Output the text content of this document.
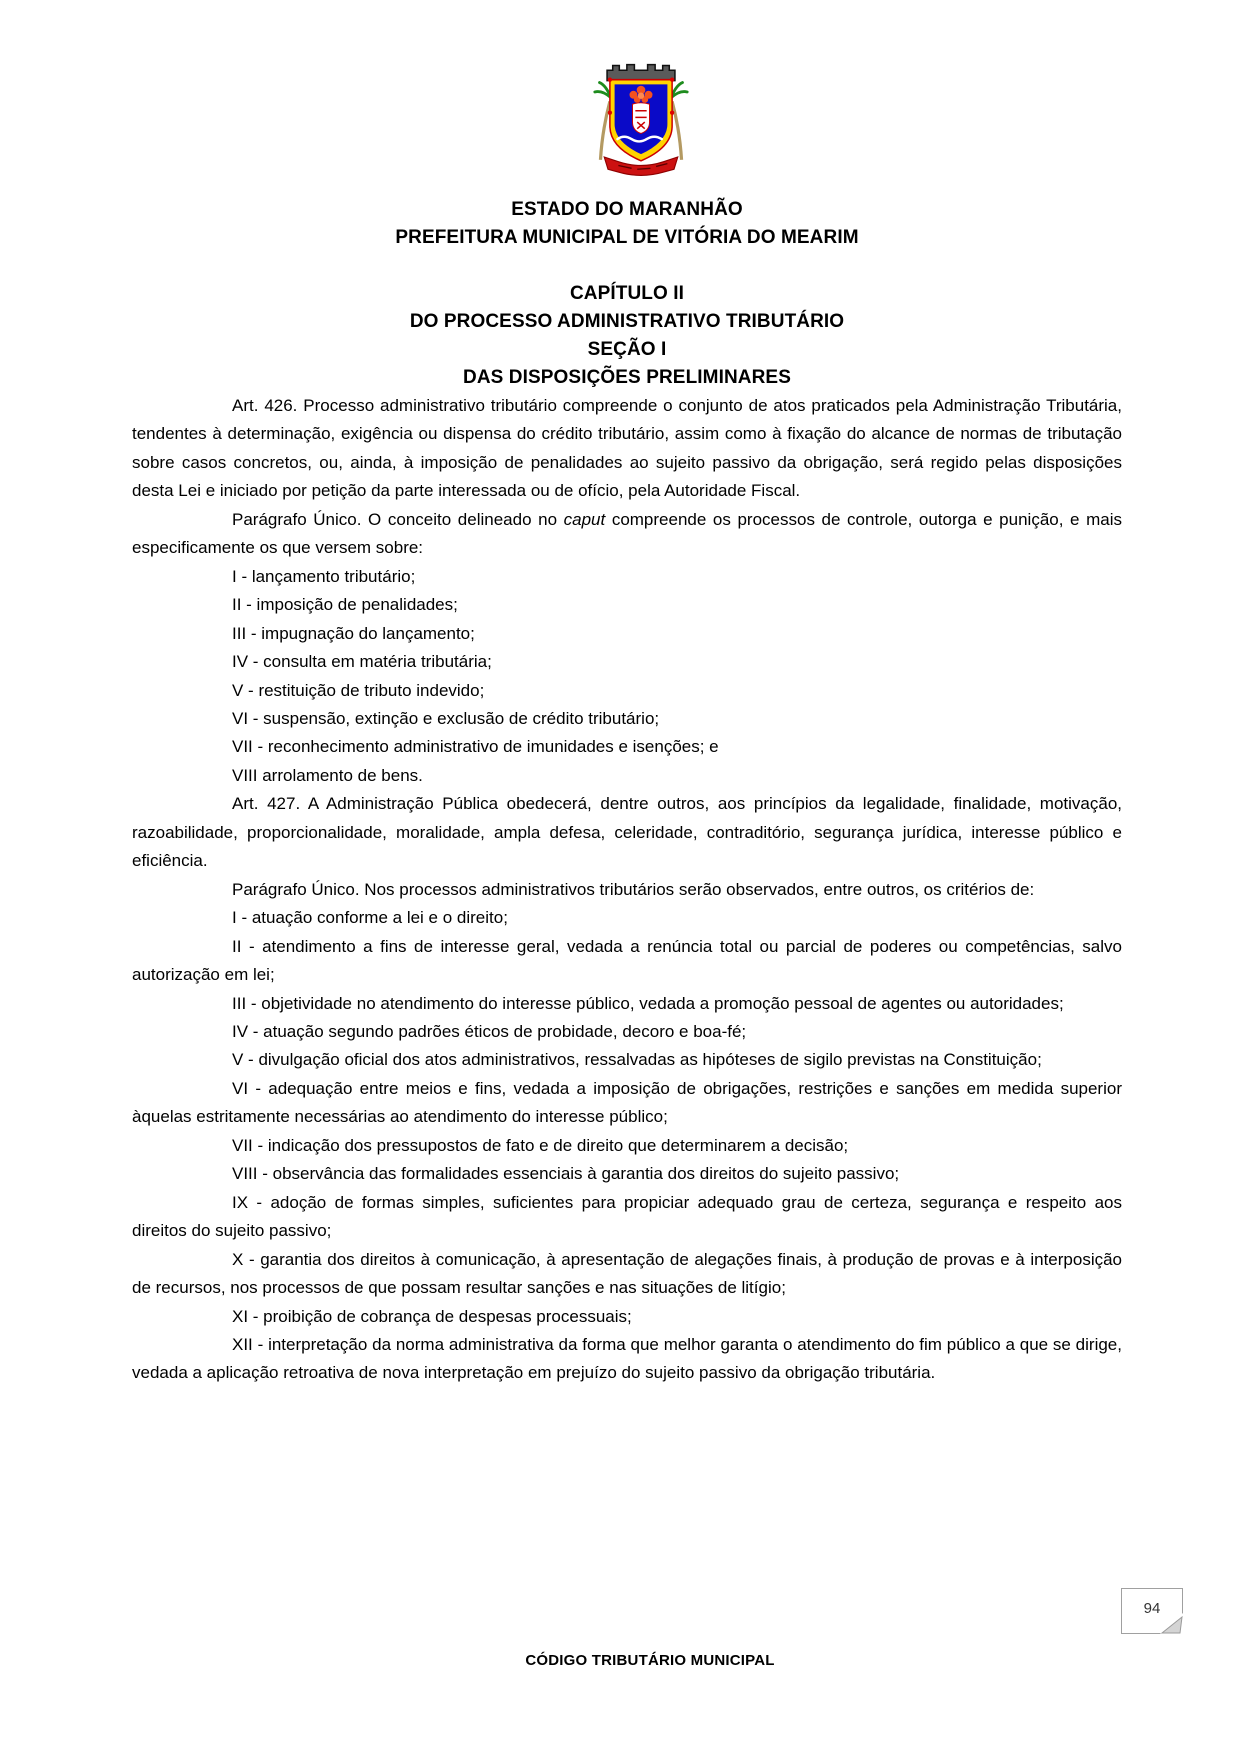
ESTADO DO MARANHÃO
PREFEITURA MUNICIPAL DE VITÓRIA DO MEARIM
CAPÍTULO II
DO PROCESSO ADMINISTRATIVO TRIBUTÁRIO
SEÇÃO I
DAS DISPOSIÇÕES PRELIMINARES

Art. 426. Processo administrativo tributário compreende o conjunto de atos praticados pela Administração Tributária, tendentes à determinação, exigência ou dispensa do crédito tributário, assim como à fixação do alcance de normas de tributação sobre casos concretos, ou, ainda, à imposição de penalidades ao sujeito passivo da obrigação, será regido pelas disposições desta Lei e iniciado por petição da parte interessada ou de ofício, pela Autoridade Fiscal.

Parágrafo Único. O conceito delineado no caput compreende os processos de controle, outorga e punição, e mais especificamente os que versem sobre:

I - lançamento tributário;

II - imposição de penalidades;

III - impugnação do lançamento;

IV - consulta em matéria tributária;

V - restituição de tributo indevido;

VI - suspensão, extinção e exclusão de crédito tributário;

VII - reconhecimento administrativo de imunidades e isenções; e

VIII arrolamento de bens.

Art. 427. A Administração Pública obedecerá, dentre outros, aos princípios da legalidade, finalidade, motivação, razoabilidade, proporcionalidade, moralidade, ampla defesa, celeridade, contraditório, segurança jurídica, interesse público e eficiência.

Parágrafo Único. Nos processos administrativos tributários serão observados, entre outros, os critérios de:

I - atuação conforme a lei e o direito;

II - atendimento a fins de interesse geral, vedada a renúncia total ou parcial de poderes ou competências, salvo autorização em lei;

III - objetividade no atendimento do interesse público, vedada a promoção pessoal de agentes ou autoridades;

IV - atuação segundo padrões éticos de probidade, decoro e boa-fé;

V - divulgação oficial dos atos administrativos, ressalvadas as hipóteses de sigilo previstas na Constituição;

VI - adequação entre meios e fins, vedada a imposição de obrigações, restrições e sanções em medida superior àquelas estritamente necessárias ao atendimento do interesse público;

VII - indicação dos pressupostos de fato e de direito que determinarem a decisão;

VIII - observância das formalidades essenciais à garantia dos direitos do sujeito passivo;

IX - adoção de formas simples, suficientes para propiciar adequado grau de certeza, segurança e respeito aos direitos do sujeito passivo;

X - garantia dos direitos à comunicação, à apresentação de alegações finais, à produção de provas e à interposição de recursos, nos processos de que possam resultar sanções e nas situações de litígio;

XI - proibição de cobrança de despesas processuais;

XII - interpretação da norma administrativa da forma que melhor garanta o atendimento do fim público a que se dirige, vedada a aplicação retroativa de nova interpretação em prejuízo do sujeito passivo da obrigação tributária.

94
CÓDIGO TRIBUTÁRIO MUNICIPAL
